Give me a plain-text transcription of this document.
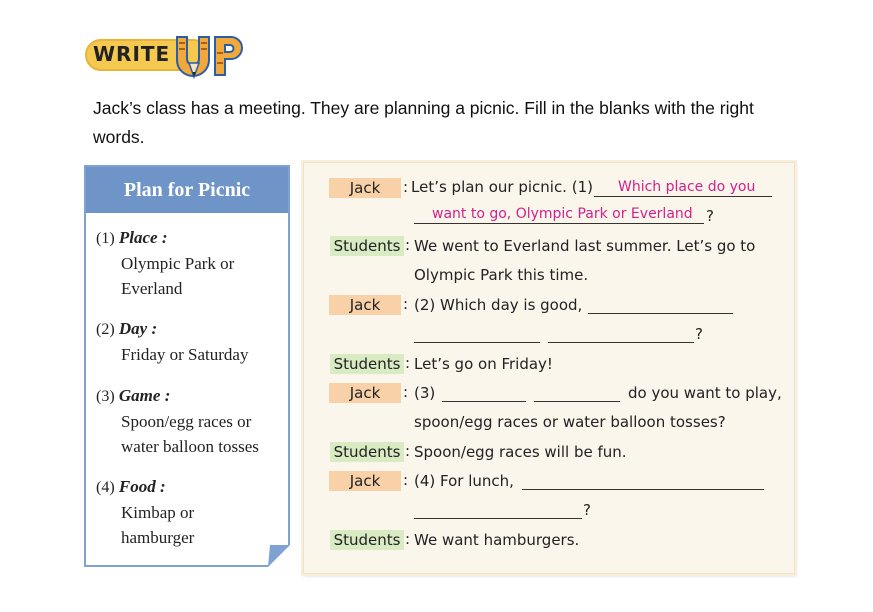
WRITE
Jack’s class has a meeting. They are planning a picnic. Fill in the blanks with the right words.
Plan for Picnic
(1) Place :
Olympic Park or
Everland
(2) Day :
Friday or Saturday
(3) Game :
Spoon/egg races or
water balloon tosses
(4) Food :
Kimbap or
hamburger
Jack	: Let’s plan our picnic. (1) Which place do you
want to go, Olympic Park or Everland ?
Students : We went to Everland last summer. Let’s go to
Olympic Park this time.
Jack	: (2) Which day is good,
?
Students : Let’s go on Friday!
Jack	: (3)	do you want to play,
spoon/egg races or water balloon tosses?
Students : Spoon/egg races will be fun.
Jack	: (4) For lunch,
?
Students : We want hamburgers.
